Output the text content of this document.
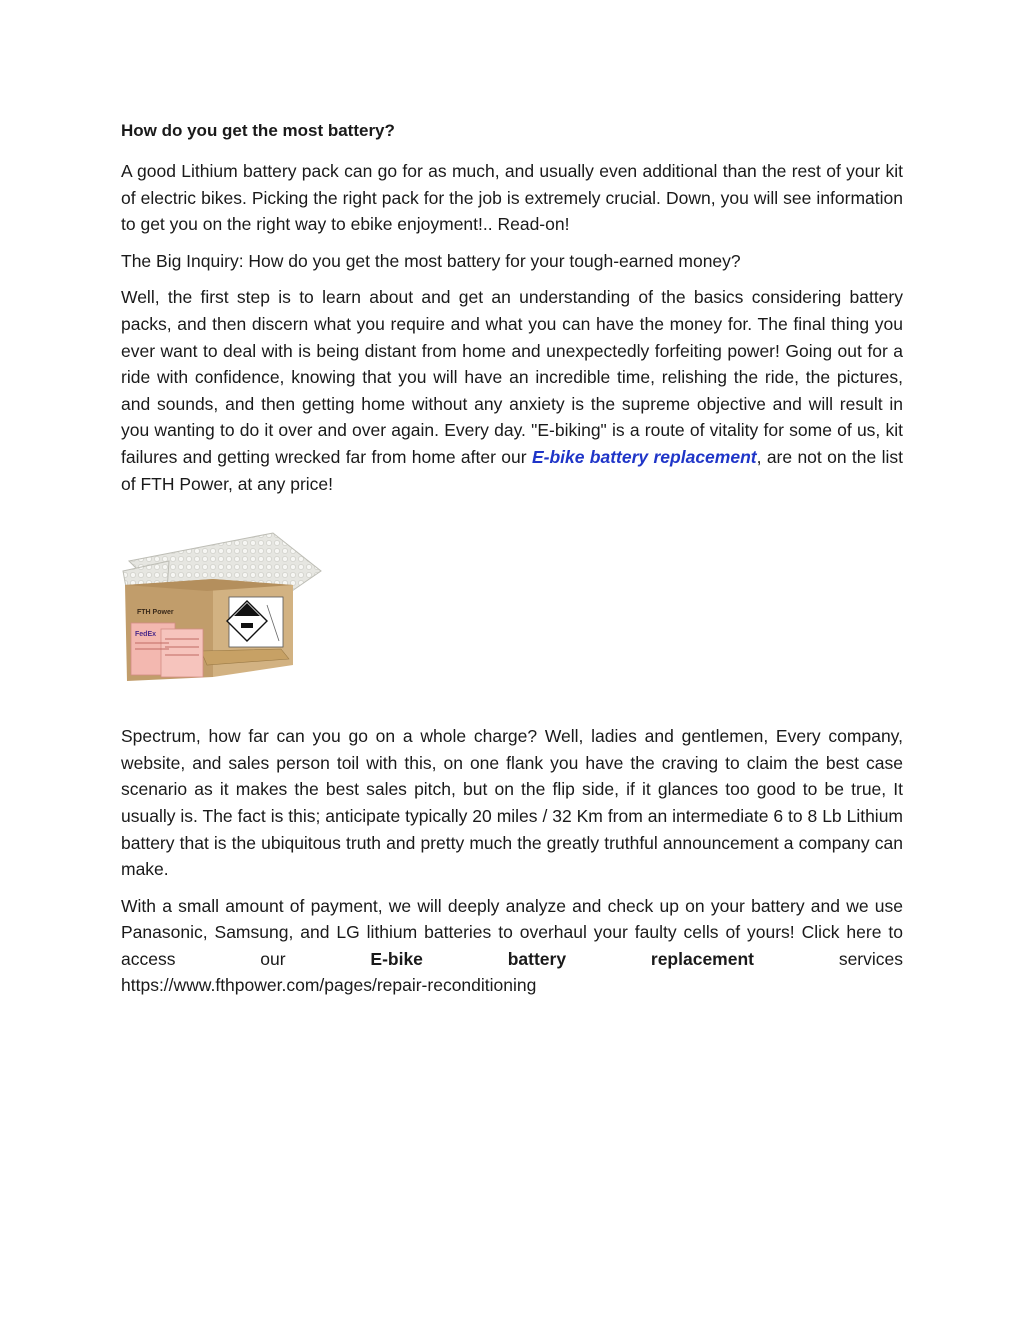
How do you get the most battery?

A good Lithium battery pack can go for as much, and usually even additional than the rest of your kit of electric bikes. Picking the right pack for the job is extremely crucial. Down, you will see information to get you on the right way to ebike enjoyment!.. Read-on!

The Big Inquiry: How do you get the most battery for your tough-earned money?

Well, the first step is to learn about and get an understanding of the basics considering battery packs, and then discern what you require and what you can have the money for. The final thing you ever want to deal with is being distant from home and unexpectedly forfeiting power! Going out for a ride with confidence, knowing that you will have an incredible time, relishing the ride, the pictures, and sounds, and then getting home without any anxiety is the supreme objective and will result in you wanting to do it over and over again. Every day. "E-biking" is a route of vitality for some of us, kit failures and getting wrecked far from home after our E-bike battery replacement, are not on the list of FTH Power, at any price!

FTH Power
FedEx

Spectrum, how far can you go on a whole charge? Well, ladies and gentlemen, Every company, website, and sales person toil with this, on one flank you have the craving to claim the best case scenario as it makes the best sales pitch, but on the flip side, if it glances too good to be true, It usually is. The fact is this; anticipate typically 20 miles / 32 Km from an intermediate 6 to 8 Lb Lithium battery that is the ubiquitous truth and pretty much the greatly truthful announcement a company can make.

With a small amount of payment, we will deeply analyze and check up on your battery and we use Panasonic, Samsung, and LG lithium batteries to overhaul your faulty cells of yours! Click here to access our E-bike battery replacement services

https://www.fthpower.com/pages/repair-reconditioning
